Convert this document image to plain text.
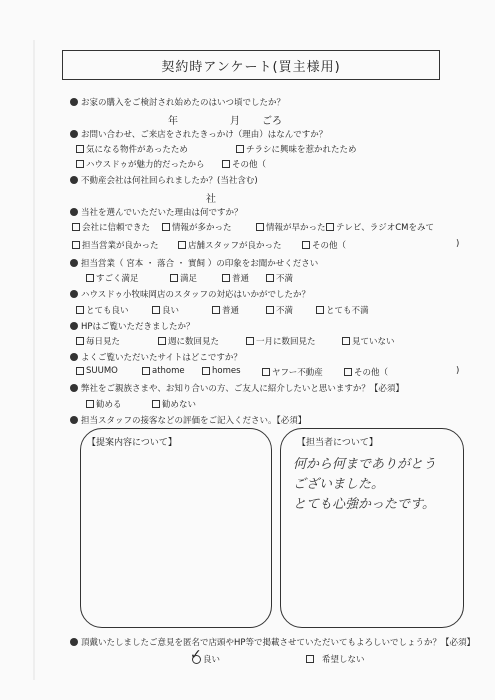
契約時アンケート(買主様用)
お家の購入をご検討され始めたのはいつ頃でしたか？
年	月 ごろ
お問い合わせ、ご来店をされたきっかけ（理由）はなんですか？
気になる物件があったため	チラシに興味を惹かれたため
ハウスドゥが魅力的だったから	その他（
不動産会社は何社回られましたか？(当社含む)
社
当社を選んでいただいた理由は何ですか？
会社に信頼できた	情報が多かった	情報が早かった テレビ、ラジオCMをみて
担当営業が良かった	店舗スタッフが良かった	その他（	)
担当営業（ 宮本 ・ 落合 ・ 實飼 ）の印象をお聞かせください
すごく満足	満足	普通	不満
ハウスドゥ小牧味岡店のスタッフの対応はいかがでしたか？
とても良い	良い	普通	不満	とても不満
HPはご覧いただきましたか？
毎日見た	週に数回見た	一月に数回見た	見ていない
よくご覧いただいたサイトはどこですか？
SUUMO	athome	homes	ヤフー不動産	その他（	)
弊社をご親族さまや、お知り合いの方、ご友人に紹介したいと思いますか？【必須】
勧める	勧めない
担当スタッフの接客などの評価をご記入ください。【必須】
【提案内容について】	【担当者について】
何から何までありがとう
ございました。
とても心強かったです。
頂戴いたしましたご意見を匿名で店頭やHP等で掲載させていただいてもよろしいでしょうか？【必須】
✓ 良い	希望しない
